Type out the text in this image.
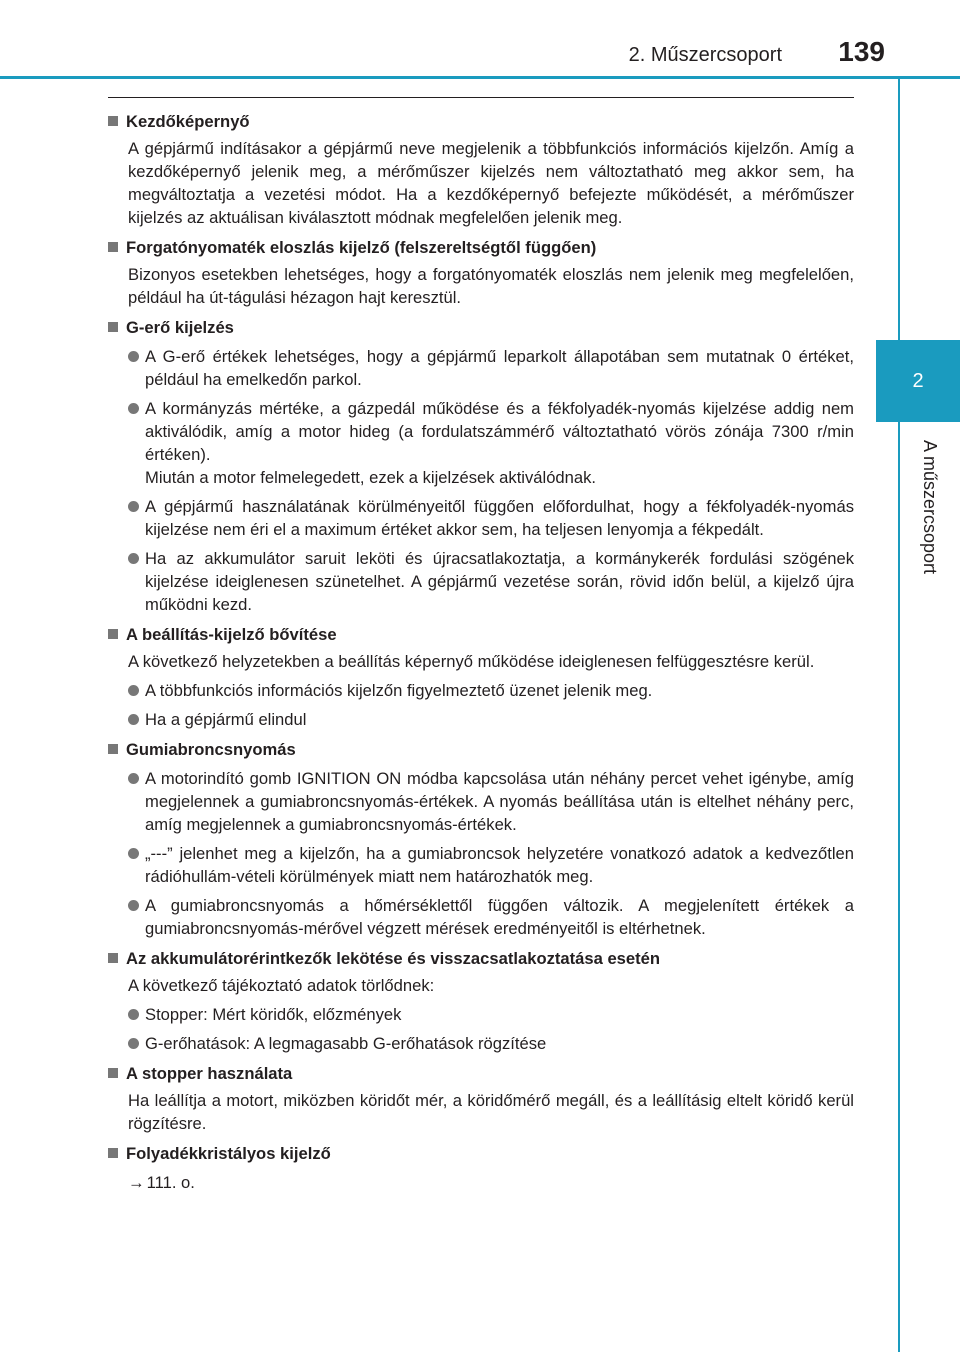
2. Műszercsoport 139
2
A műszercsoport
Kezdőképernyő
A gépjármű indításakor a gépjármű neve megjelenik a többfunkciós információs kijelzőn. Amíg a kezdőképernyő jelenik meg, a mérőműszer kijelzés nem változtatható meg akkor sem, ha megváltoztatja a vezetési módot. Ha a kezdőképernyő befejezte működését, a mérőműszer kijelzés az aktuálisan kiválasztott módnak megfelelően jelenik meg.
Forgatónyomaték eloszlás kijelző (felszereltségtől függően)
Bizonyos esetekben lehetséges, hogy a forgatónyomaték eloszlás nem jelenik meg megfelelően, például ha út-tágulási hézagon hajt keresztül.
G-erő kijelzés
A G-erő értékek lehetséges, hogy a gépjármű leparkolt állapotában sem mutatnak 0 értéket, például ha emelkedőn parkol.
A kormányzás mértéke, a gázpedál működése és a fékfolyadék-nyomás kijelzése addig nem aktiválódik, amíg a motor hideg (a fordulatszámmérő változtatható vörös zónája 7300 r/min értéken).
Miután a motor felmelegedett, ezek a kijelzések aktiválódnak.
A gépjármű használatának körülményeitől függően előfordulhat, hogy a fékfolyadék-nyomás kijelzése nem éri el a maximum értéket akkor sem, ha teljesen lenyomja a fékpedált.
Ha az akkumulátor saruit leköti és újracsatlakoztatja, a kormánykerék fordulási szögének kijelzése ideiglenesen szünetelhet. A gépjármű vezetése során, rövid időn belül, a kijelző újra működni kezd.
A beállítás-kijelző bővítése
A következő helyzetekben a beállítás képernyő működése ideiglenesen felfüggesztésre kerül.
A többfunkciós információs kijelzőn figyelmeztető üzenet jelenik meg.
Ha a gépjármű elindul
Gumiabroncsnyomás
A motorindító gomb IGNITION ON módba kapcsolása után néhány percet vehet igénybe, amíg megjelennek a gumiabroncsnyomás-értékek. A nyomás beállítása után is eltelhet néhány perc, amíg megjelennek a gumiabroncsnyomás-értékek.
„---” jelenhet meg a kijelzőn, ha a gumiabroncsok helyzetére vonatkozó adatok a kedvezőtlen rádióhullám-vételi körülmények miatt nem határozhatók meg.
A gumiabroncsnyomás a hőmérséklettől függően változik. A megjelenített értékek a gumiabroncsnyomás-mérővel végzett mérések eredményeitől is eltérhetnek.
Az akkumulátorérintkezők lekötése és visszacsatlakoztatása esetén
A következő tájékoztató adatok törlődnek:
Stopper: Mért köridők, előzmények
G-erőhatások: A legmagasabb G-erőhatások rögzítése
A stopper használata
Ha leállítja a motort, miközben köridőt mér, a köridőmérő megáll, és a leállításig eltelt köridő kerül rögzítésre.
Folyadékkristályos kijelző
→ 111. o.
